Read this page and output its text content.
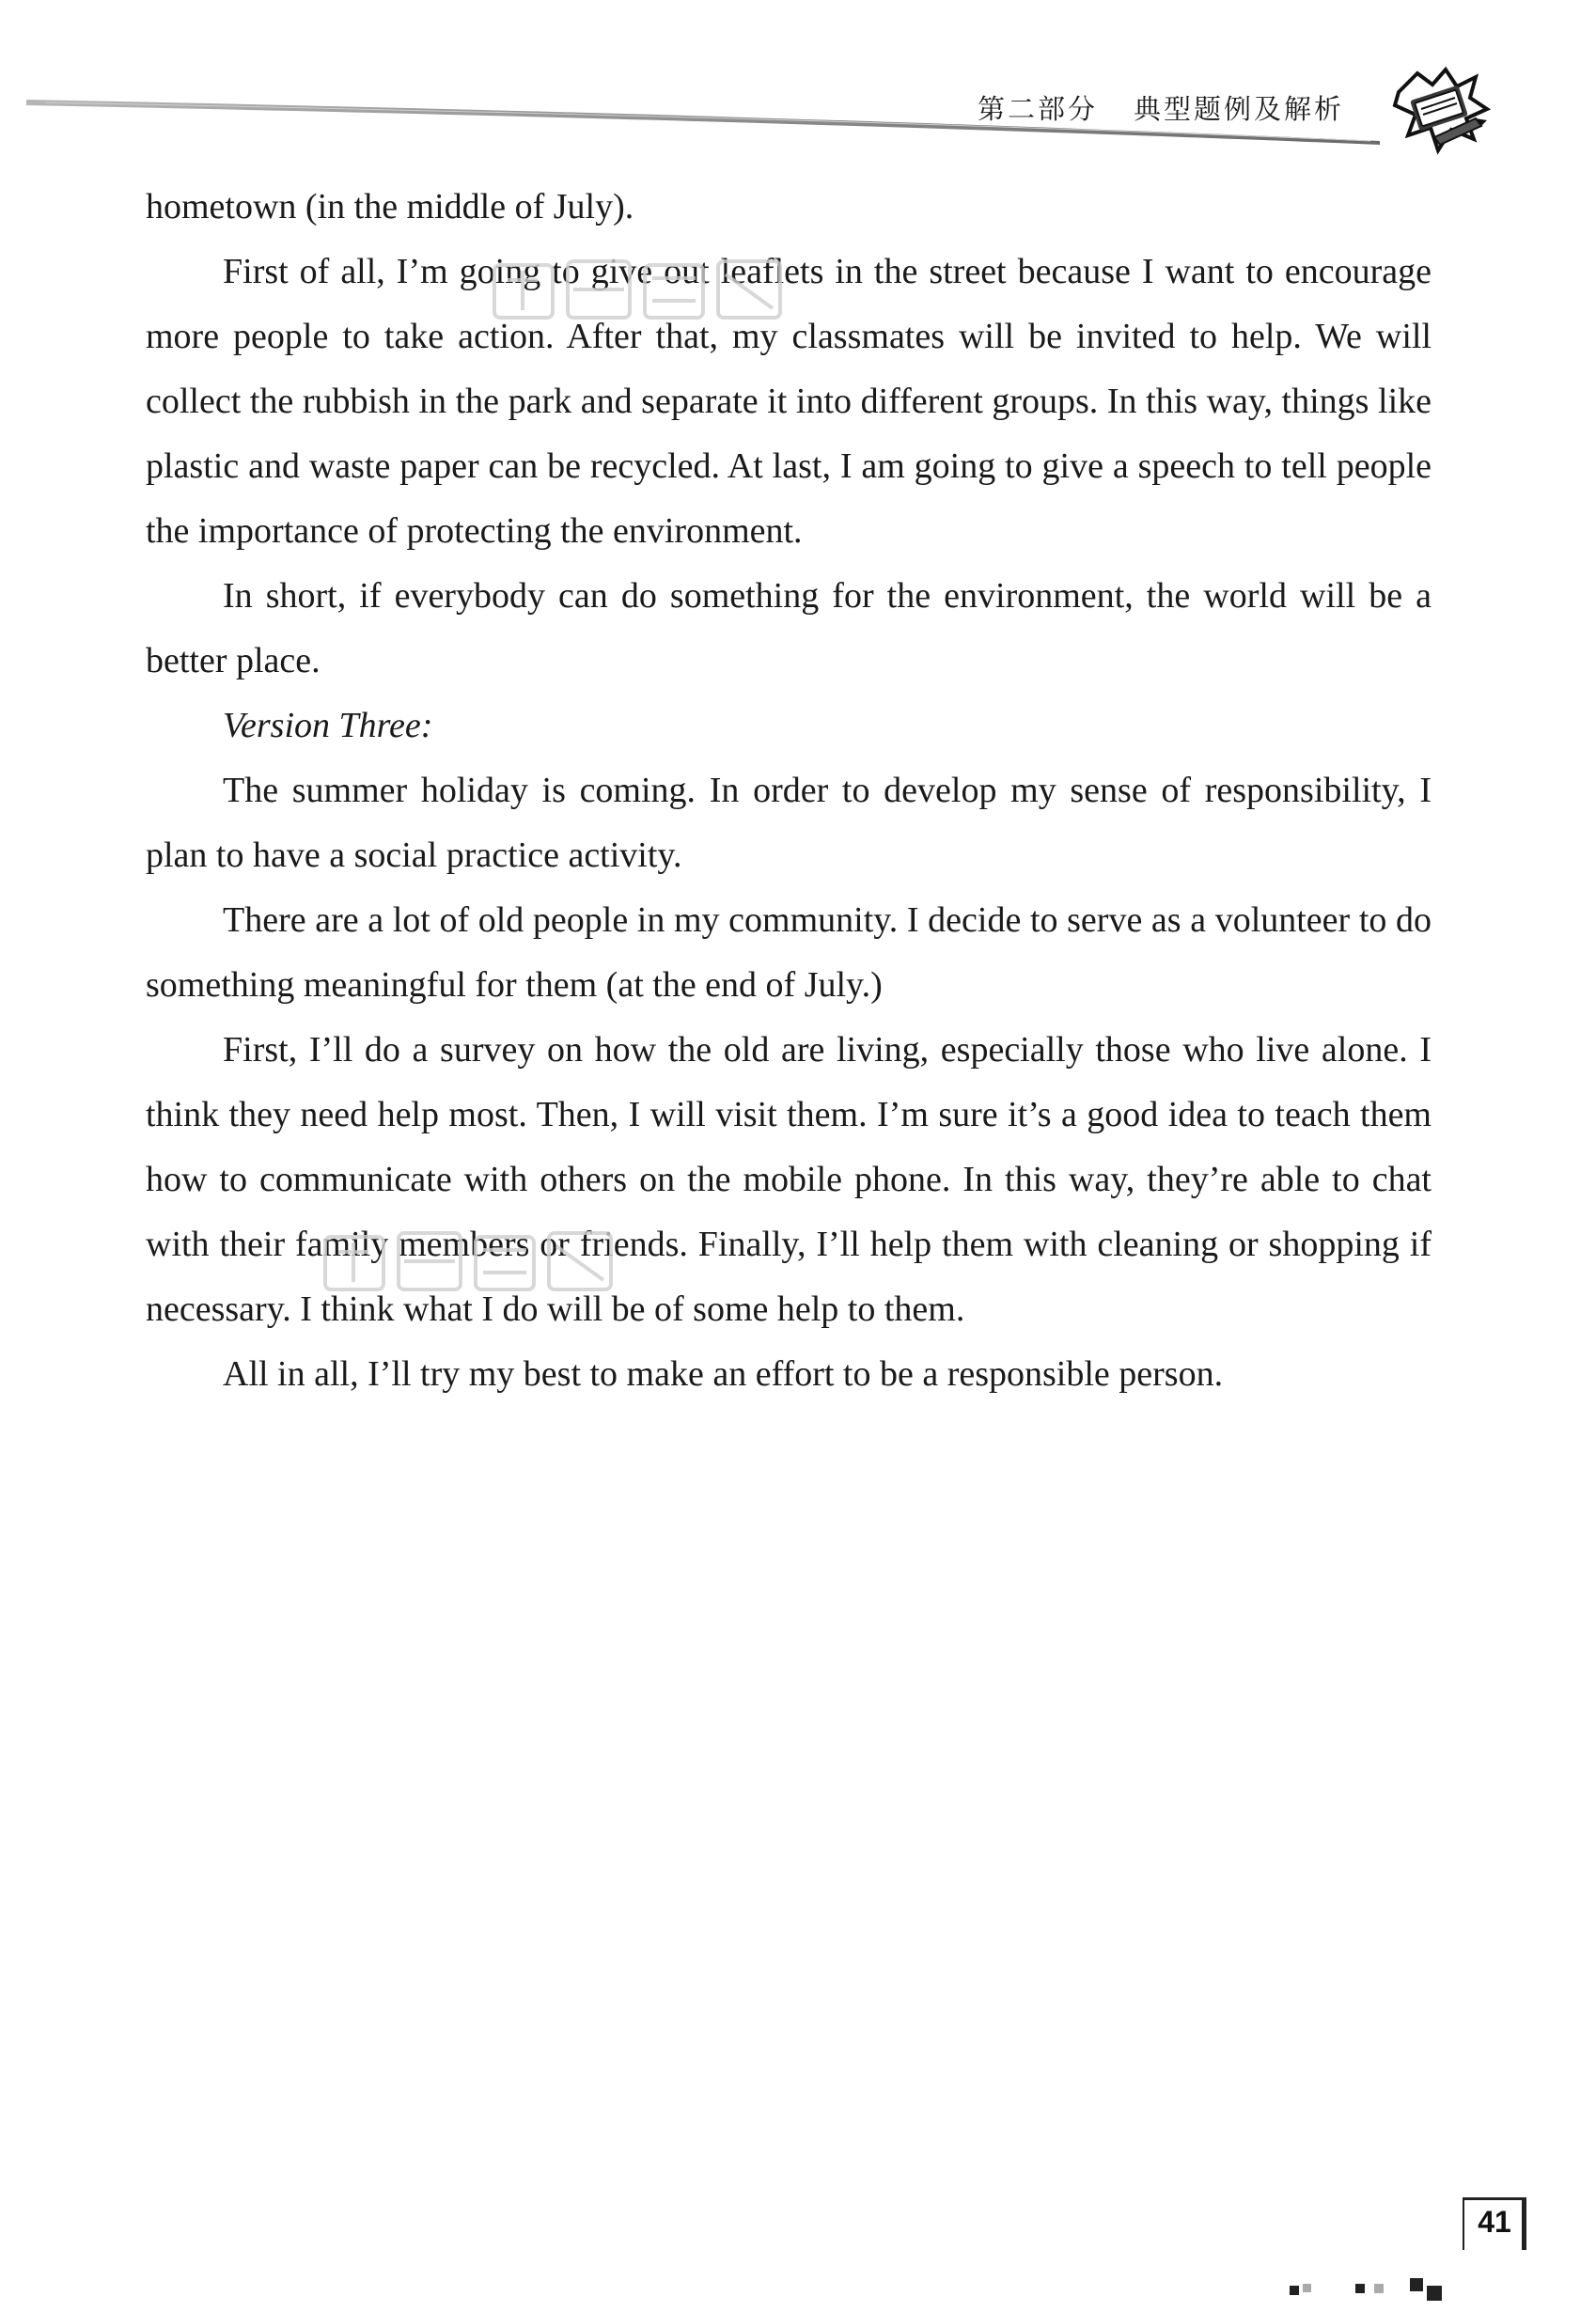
第二部分 典型题例及解析

hometown (in the middle of July).

First of all, I’m going to give out leaflets in the street because I want to encourage more people to take action. After that, my classmates will be invited to help. We will collect the rubbish in the park and separate it into different groups. In this way, things like plastic and waste paper can be recycled. At last, I am going to give a speech to tell people the importance of protecting the environment.

In short, if everybody can do something for the environment, the world will be a better place.

Version Three:

The summer holiday is coming. In order to develop my sense of responsibility, I plan to have a social practice activity.

There are a lot of old people in my community. I decide to serve as a volunteer to do something meaningful for them (at the end of July.)

First, I’ll do a survey on how the old are living, especially those who live alone. I think they need help most. Then, I will visit them. I’m sure it’s a good idea to teach them how to communicate with others on the mobile phone. In this way, they’re able to chat with their family members or friends. Finally, I’ll help them with cleaning or shopping if necessary. I think what I do will be of some help to them.

All in all, I’ll try my best to make an effort to be a responsible person.

41
